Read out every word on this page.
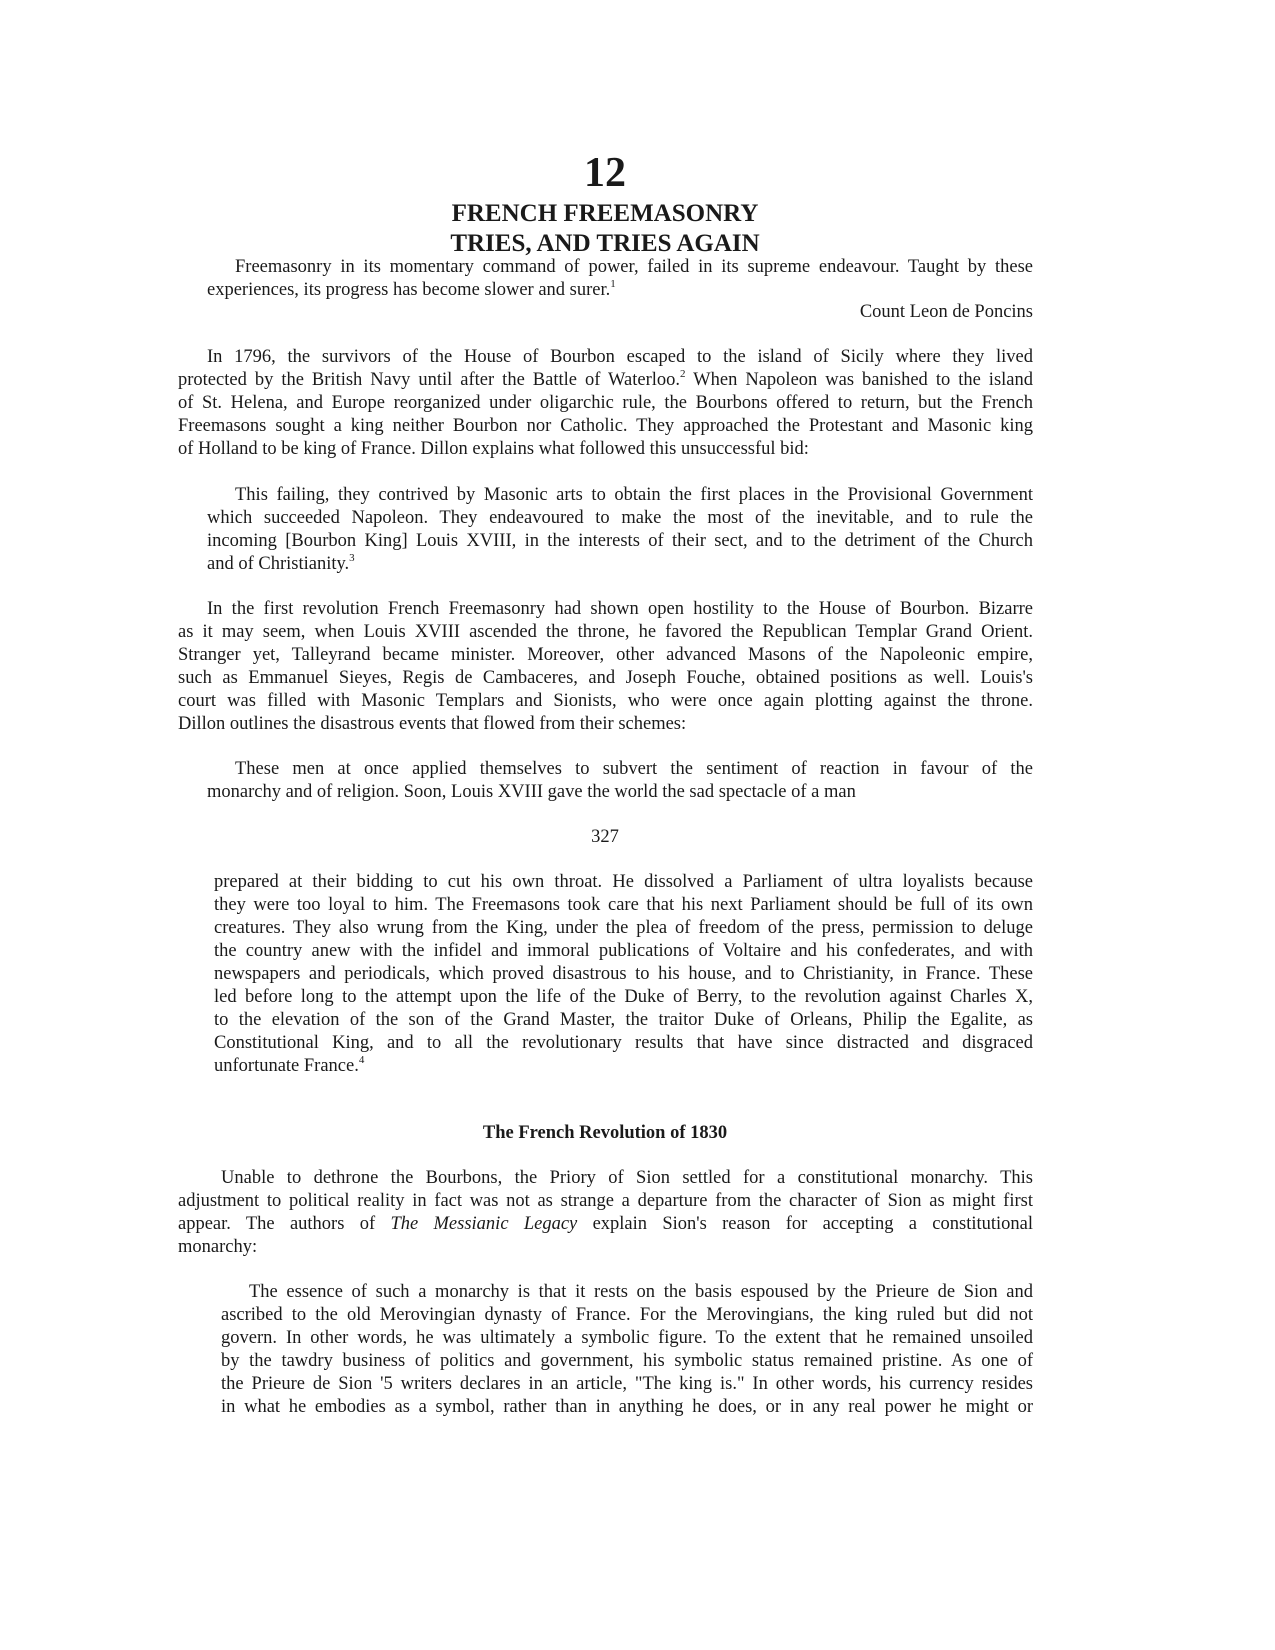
12
FRENCH FREEMASONRY
TRIES, AND TRIES AGAIN
Freemasonry in its momentary command of power, failed in its supreme endeavour. Taught by these
experiences, its progress has become slower and surer.$^1$
Count Leon de Poncins
In 1796, the survivors of the House of Bourbon escaped to the island of Sicily where they lived
protected by the British Navy until after the Battle of Waterloo.$^2$ When Napoleon was banished to the island
of St. Helena, and Europe reorganized under oligarchic rule, the Bourbons offered to return, but the French
Freemasons sought a king neither Bourbon nor Catholic. They approached the Protestant and Masonic king
of Holland to be king of France. Dillon explains what followed this unsuccessful bid:
This failing, they contrived by Masonic arts to obtain the first places in the Provisional Government
which succeeded Napoleon. They endeavoured to make the most of the inevitable, and to rule the
incoming [Bourbon King] Louis XVIII, in the interests of their sect, and to the detriment of the Church
and of Christianity.$^3$
In the first revolution French Freemasonry had shown open hostility to the House of Bourbon. Bizarre
as it may seem, when Louis XVIII ascended the throne, he favored the Republican Templar Grand Orient.
Stranger yet, Talleyrand became minister. Moreover, other advanced Masons of the Napoleonic empire,
such as Emmanuel Sieyes, Regis de Cambaceres, and Joseph Fouche, obtained positions as well. Louis's
court was filled with Masonic Templars and Sionists, who were once again plotting against the throne.
Dillon outlines the disastrous events that flowed from their schemes:
These men at once applied themselves to subvert the sentiment of reaction in favour of the
monarchy and of religion. Soon, Louis XVIII gave the world the sad spectacle of a man
327
prepared at their bidding to cut his own throat. He dissolved a Parliament of ultra loyalists because
they were too loyal to him. The Freemasons took care that his next Parliament should be full of its own
creatures. They also wrung from the King, under the plea of freedom of the press, permission to deluge
the country anew with the infidel and immoral publications of Voltaire and his confederates, and with
newspapers and periodicals, which proved disastrous to his house, and to Christianity, in France. These
led before long to the attempt upon the life of the Duke of Berry, to the revolution against Charles X,
to the elevation of the son of the Grand Master, the traitor Duke of Orleans, Philip the Egalite, as
Constitutional King, and to all the revolutionary results that have since distracted and disgraced
unfortunate France.$^4$
The French Revolution of 1830
Unable to dethrone the Bourbons, the Priory of Sion settled for a constitutional monarchy. This
adjustment to political reality in fact was not as strange a departure from the character of Sion as might first
appear. The authors of The Messianic Legacy explain Sion's reason for accepting a constitutional
monarchy:
The essence of such a monarchy is that it rests on the basis espoused by the Prieure de Sion and
ascribed to the old Merovingian dynasty of France. For the Merovingians, the king ruled but did not
govern. In other words, he was ultimately a symbolic figure. To the extent that he remained unsoiled
by the tawdry business of politics and government, his symbolic status remained pristine. As one of
the Prieure de Sion '5 writers declares in an article, "The king is." In other words, his currency resides
in what he embodies as a symbol, rather than in anything he does, or in any real power he might or
